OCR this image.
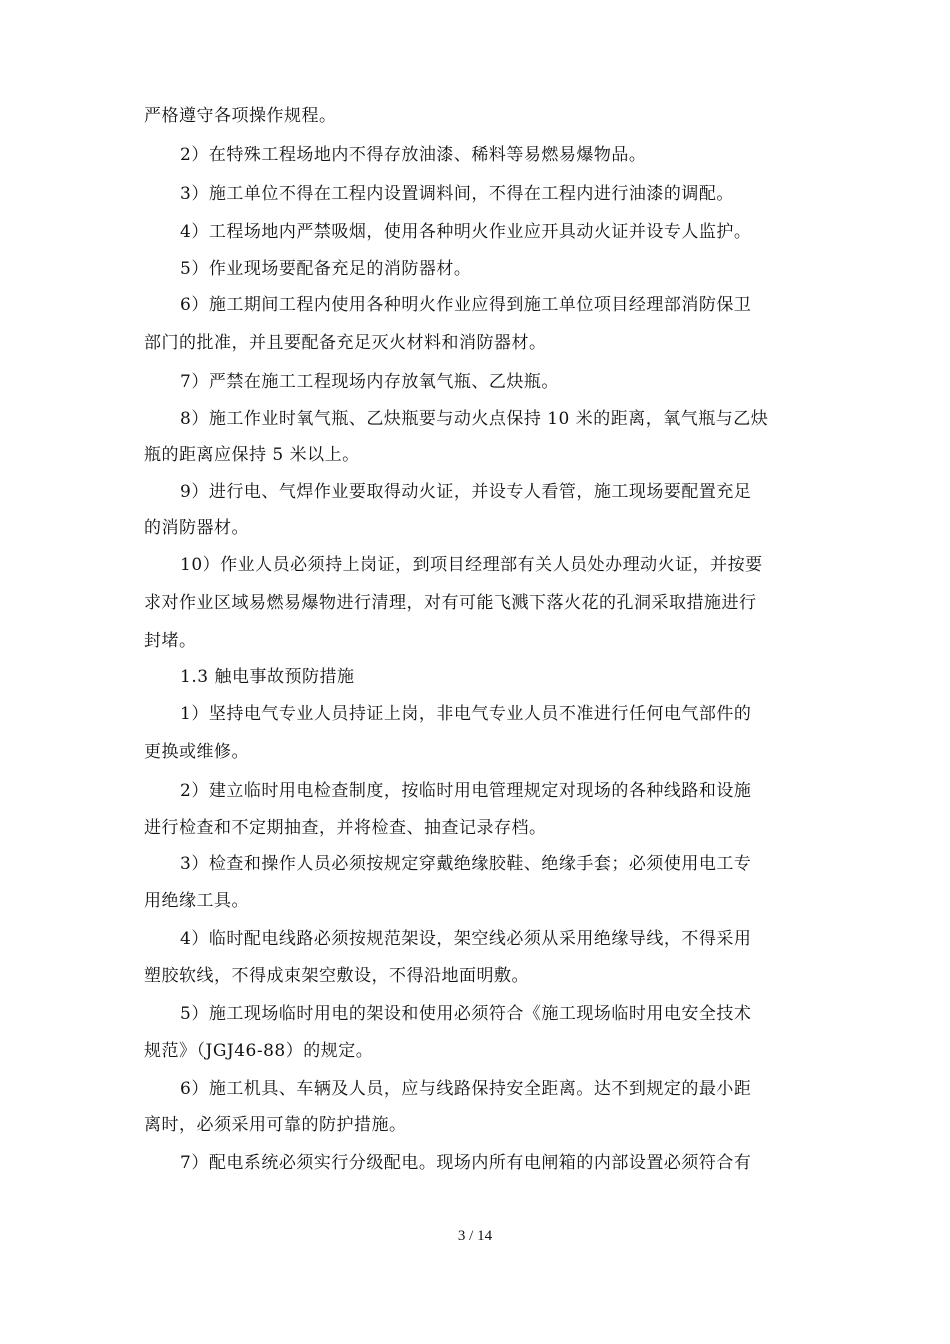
严格遵守各项操作规程。
2）在特殊工程场地内不得存放油漆、稀料等易燃易爆物品。
3）施工单位不得在工程内设置调料间，不得在工程内进行油漆的调配。
4）工程场地内严禁吸烟，使用各种明火作业应开具动火证并设专人监护。
5）作业现场要配备充足的消防器材。
6）施工期间工程内使用各种明火作业应得到施工单位项目经理部消防保卫
部门的批准，并且要配备充足灭火材料和消防器材。
7）严禁在施工工程现场内存放氧气瓶、乙炔瓶。
8）施工作业时氧气瓶、乙炔瓶要与动火点保持 10 米的距离，氧气瓶与乙炔
瓶的距离应保持 5 米以上。
9）进行电、气焊作业要取得动火证，并设专人看管，施工现场要配置充足
的消防器材。
10）作业人员必须持上岗证，到项目经理部有关人员处办理动火证，并按要
求对作业区域易燃易爆物进行清理，对有可能飞溅下落火花的孔洞采取措施进行
封堵。
1.3 触电事故预防措施
1）坚持电气专业人员持证上岗，非电气专业人员不准进行任何电气部件的
更换或维修。
2）建立临时用电检查制度，按临时用电管理规定对现场的各种线路和设施
进行检查和不定期抽查，并将检查、抽查记录存档。
3）检查和操作人员必须按规定穿戴绝缘胶鞋、绝缘手套；必须使用电工专
用绝缘工具。
4）临时配电线路必须按规范架设，架空线必须从采用绝缘导线，不得采用
塑胶软线，不得成束架空敷设，不得沿地面明敷。
5）施工现场临时用电的架设和使用必须符合《施工现场临时用电安全技术
规范》（JGJ46-88）的规定。
6）施工机具、车辆及人员，应与线路保持安全距离。达不到规定的最小距
离时，必须采用可靠的防护措施。
7）配电系统必须实行分级配电。现场内所有电闸箱的内部设置必须符合有
3 / 14
